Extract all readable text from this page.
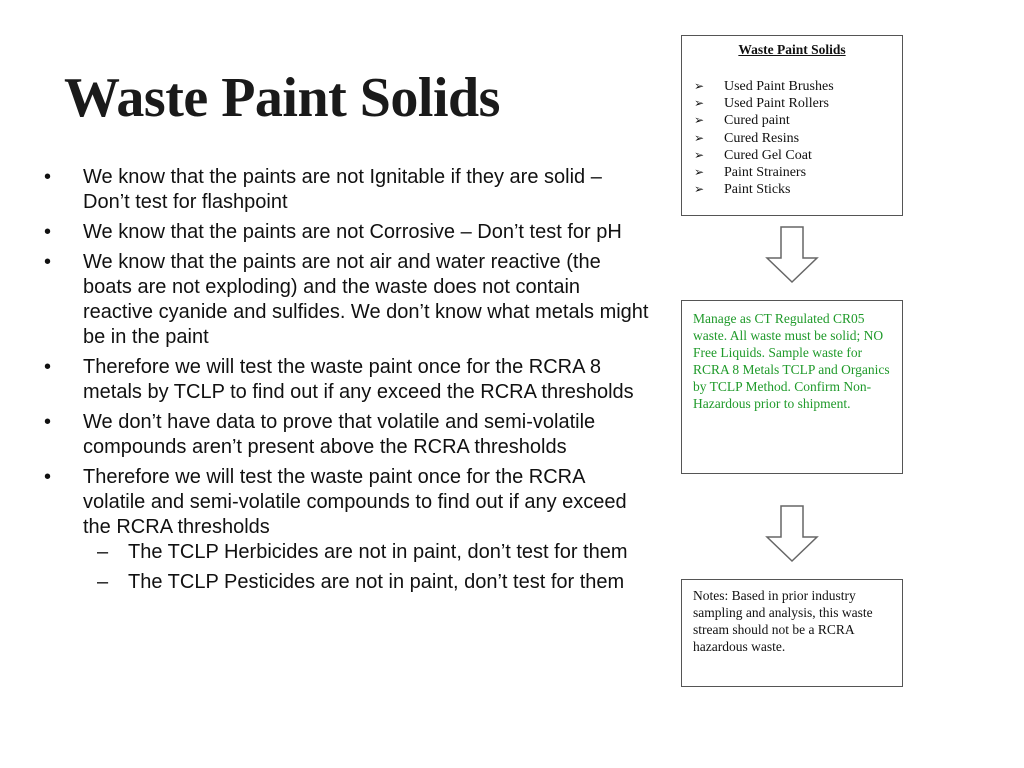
Waste Paint Solids
• We know that the paints are not Ignitable if they are solid – Don’t test for flashpoint
• We know that the paints are not Corrosive – Don’t test for pH
• We know that the paints are not air and water reactive (the boats are not exploding) and the waste does not contain reactive cyanide and sulfides. We don’t know what metals might be in the paint
• Therefore we will test the waste paint once for the RCRA 8 metals by TCLP to find out if any exceed the RCRA thresholds
• We don’t have data to prove that volatile and semi-volatile compounds aren’t present above the RCRA thresholds
• Therefore we will test the waste paint once for the RCRA volatile and semi-volatile compounds to find out if any exceed the RCRA thresholds
– The TCLP Herbicides are not in paint, don’t test for them
– The TCLP Pesticides are not in paint, don’t test for them
Waste Paint Solids
➢ Used Paint Brushes
➢ Used Paint Rollers
➢ Cured paint
➢ Cured Resins
➢ Cured Gel Coat
➢ Paint Strainers
➢ Paint Sticks
Manage as CT Regulated CR05 waste. All waste must be solid; NO Free Liquids. Sample waste for RCRA 8 Metals TCLP and Organics by TCLP Method. Confirm Non-Hazardous prior to shipment.
Notes: Based in prior industry sampling and analysis, this waste stream should not be a RCRA hazardous waste.
